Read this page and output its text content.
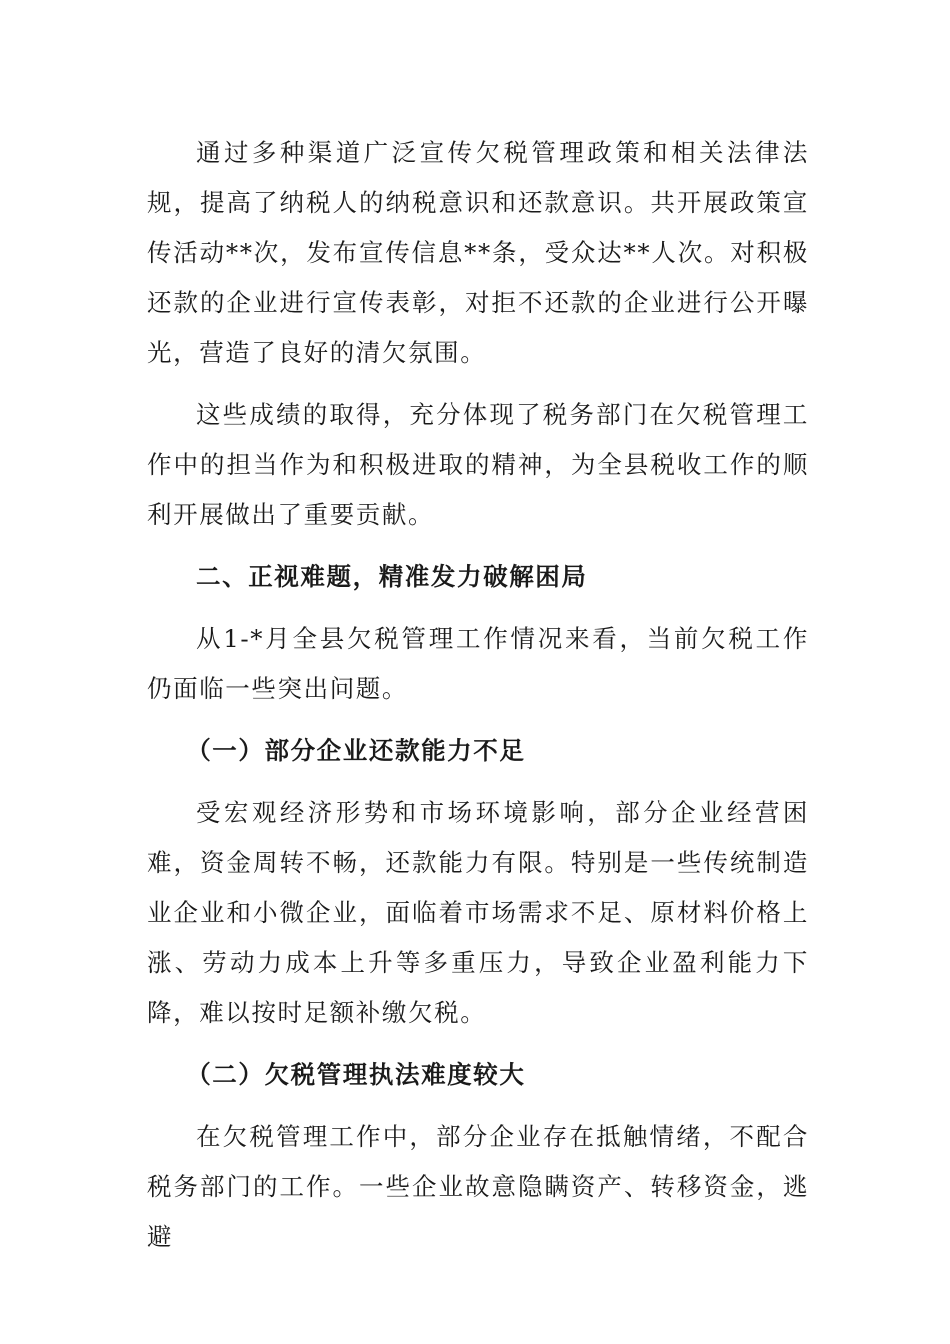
通过多种渠道广泛宣传欠税管理政策和相关法律法规，提高了纳税人的纳税意识和还款意识。共开展政策宣传活动**次，发布宣传信息**条，受众达**人次。对积极还款的企业进行宣传表彰，对拒不还款的企业进行公开曝光，营造了良好的清欠氛围。

这些成绩的取得，充分体现了税务部门在欠税管理工作中的担当作为和积极进取的精神，为全县税收工作的顺利开展做出了重要贡献。

二、正视难题，精准发力破解困局

从1-*月全县欠税管理工作情况来看，当前欠税工作仍面临一些突出问题。

（一）部分企业还款能力不足

受宏观经济形势和市场环境影响，部分企业经营困难，资金周转不畅，还款能力有限。特别是一些传统制造业企业和小微企业，面临着市场需求不足、原材料价格上涨、劳动力成本上升等多重压力，导致企业盈利能力下降，难以按时足额补缴欠税。

（二）欠税管理执法难度较大

在欠税管理工作中，部分企业存在抵触情绪，不配合税务部门的工作。一些企业故意隐瞒资产、转移资金，逃避
